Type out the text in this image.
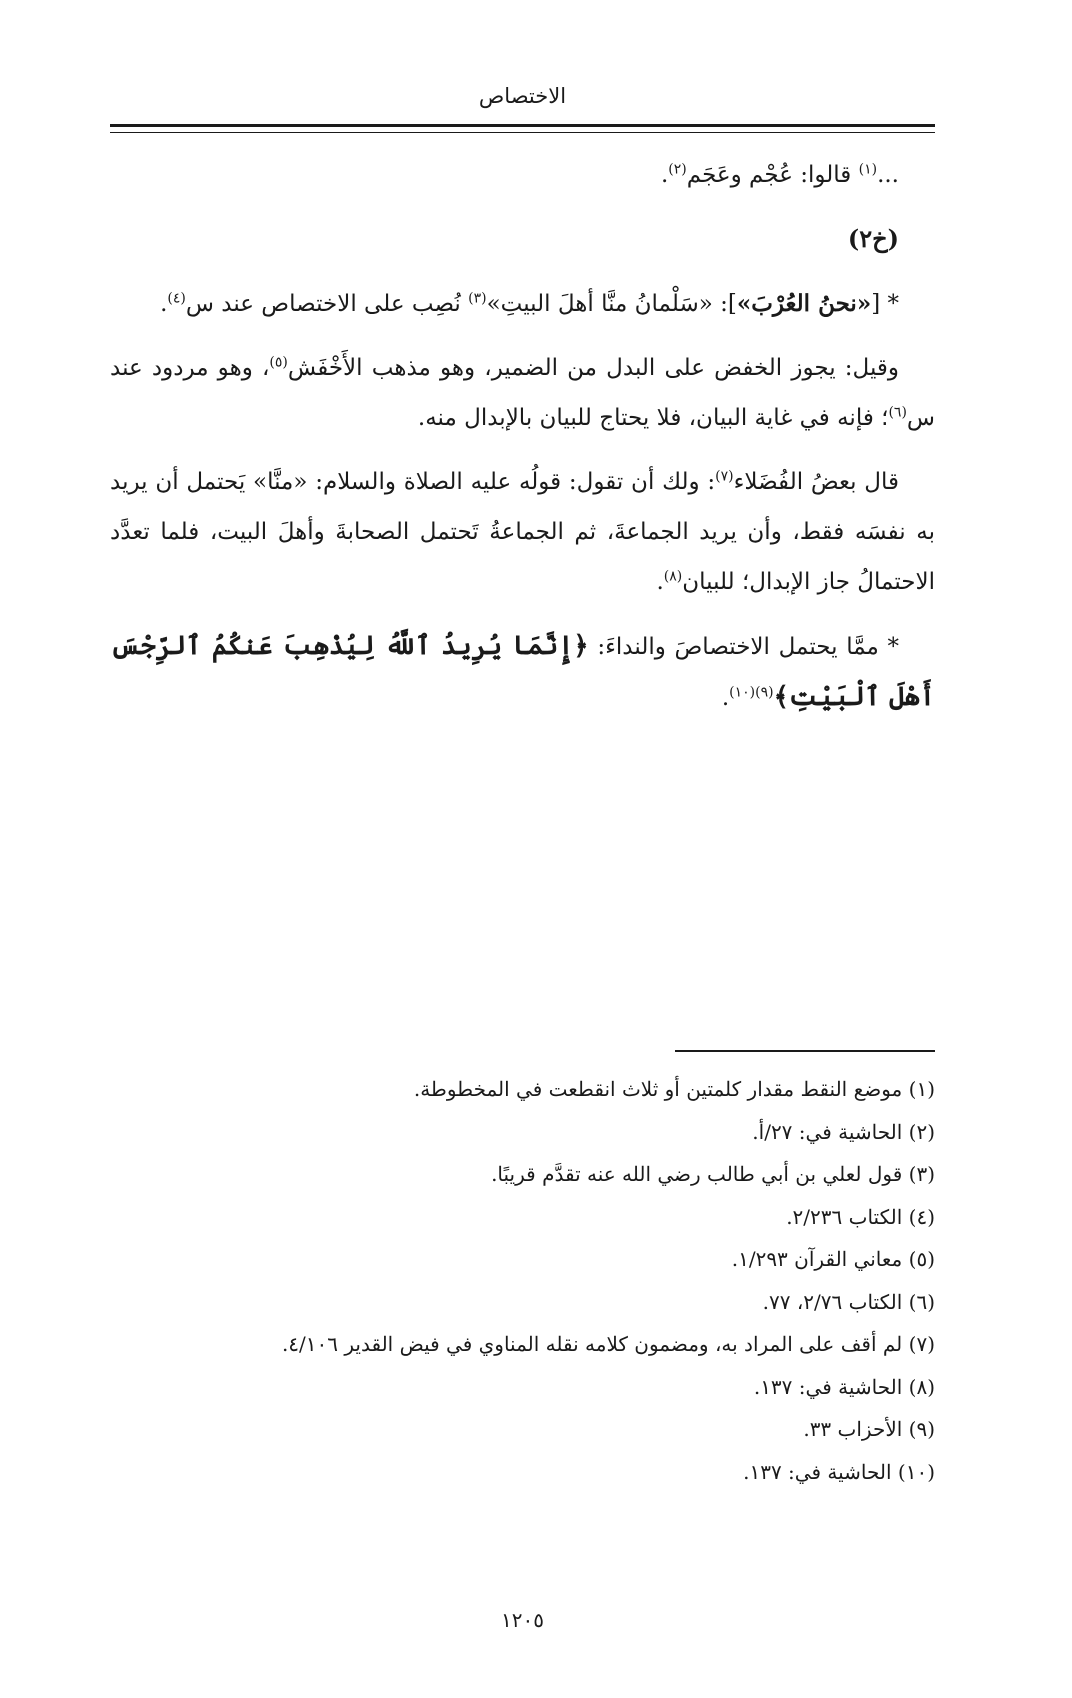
الاختصاص

...$^{(١)}$ قالوا: عُجْم وعَجَم$^{(٢)}$.

(خ٢)

* [«نحنُ العُرْبَ»]: «سَلْمانُ منَّا أهلَ البيتِ»$^{(٣)}$ نُصِب على الاختصاص عند س$^{(٤)}$.

وقيل: يجوز الخفض على البدل من الضمير، وهو مذهب الأَخْفَش$^{(٥)}$، وهو مردود عند س$^{(٦)}$؛ فإنه في غاية البيان، فلا يحتاج للبيان بالإبدال منه.

قال بعضُ الفُضَلاء$^{(٧)}$: ولك أن تقول: قولُه عليه الصلاة والسلام: «منَّا» يَحتمل أن يريد به نفسَه فقط، وأن يريد الجماعةَ، ثم الجماعةُ تَحتمل الصحابةَ وأهلَ البيت، فلما تعدَّد الاحتمالُ جاز الإبدال؛ للبيان$^{(٨)}$.

* ممَّا يحتمل الاختصاصَ والنداءَ: ﴿إِنَّمَا يُرِيدُ ٱللَّهُ لِيُذْهِبَ عَنكُمُ ٱلرِّجْسَ أَهْلَ ٱلْبَيْتِ﴾$^{(٩)(١٠)}$.

(١) موضع النقط مقدار كلمتين أو ثلاث انقطعت في المخطوطة.
(٢) الحاشية في: ٢٧/أ.
(٣) قول لعلي بن أبي طالب رضي الله عنه تقدَّم قريبًا.
(٤) الكتاب ٢/٢٣٦.
(٥) معاني القرآن ١/٢٩٣.
(٦) الكتاب ٢/٧٦، ٧٧.
(٧) لم أقف على المراد به، ومضمون كلامه نقله المناوي في فيض القدير ٤/١٠٦.
(٨) الحاشية في: ١٣٧.
(٩) الأحزاب ٣٣.
(١٠) الحاشية في: ١٣٧.
١٢٠٥
